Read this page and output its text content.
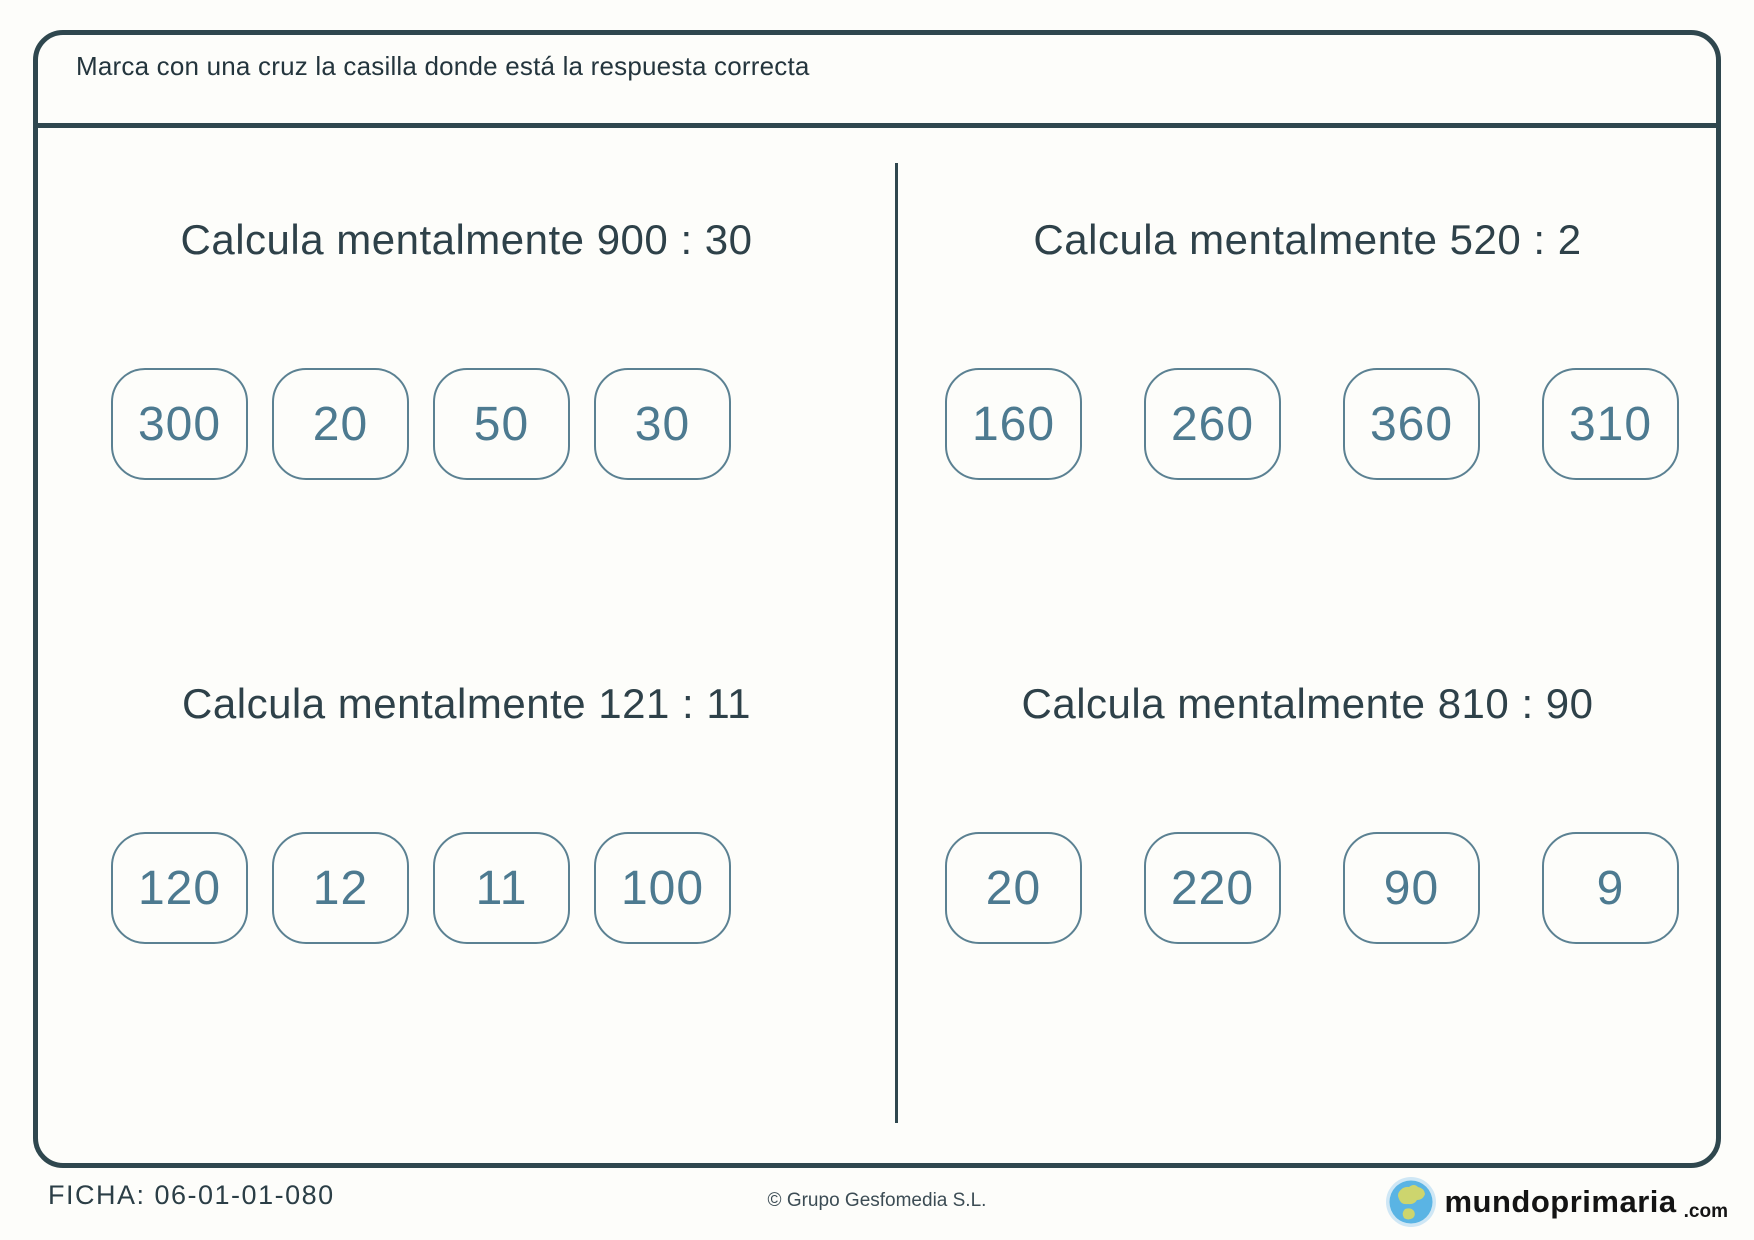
Marca con una cruz la casilla donde está la respuesta correcta
Calcula mentalmente 900 : 30
300	20	50	30
Calcula mentalmente 520 : 2
160	260	360	310
Calcula mentalmente 121 : 11
120	12	11	100
Calcula mentalmente 810 : 90
20	220	90	9
FICHA: 06-01-01-080	© Grupo Gesfomedia S.L.	mundoprimaria .com
